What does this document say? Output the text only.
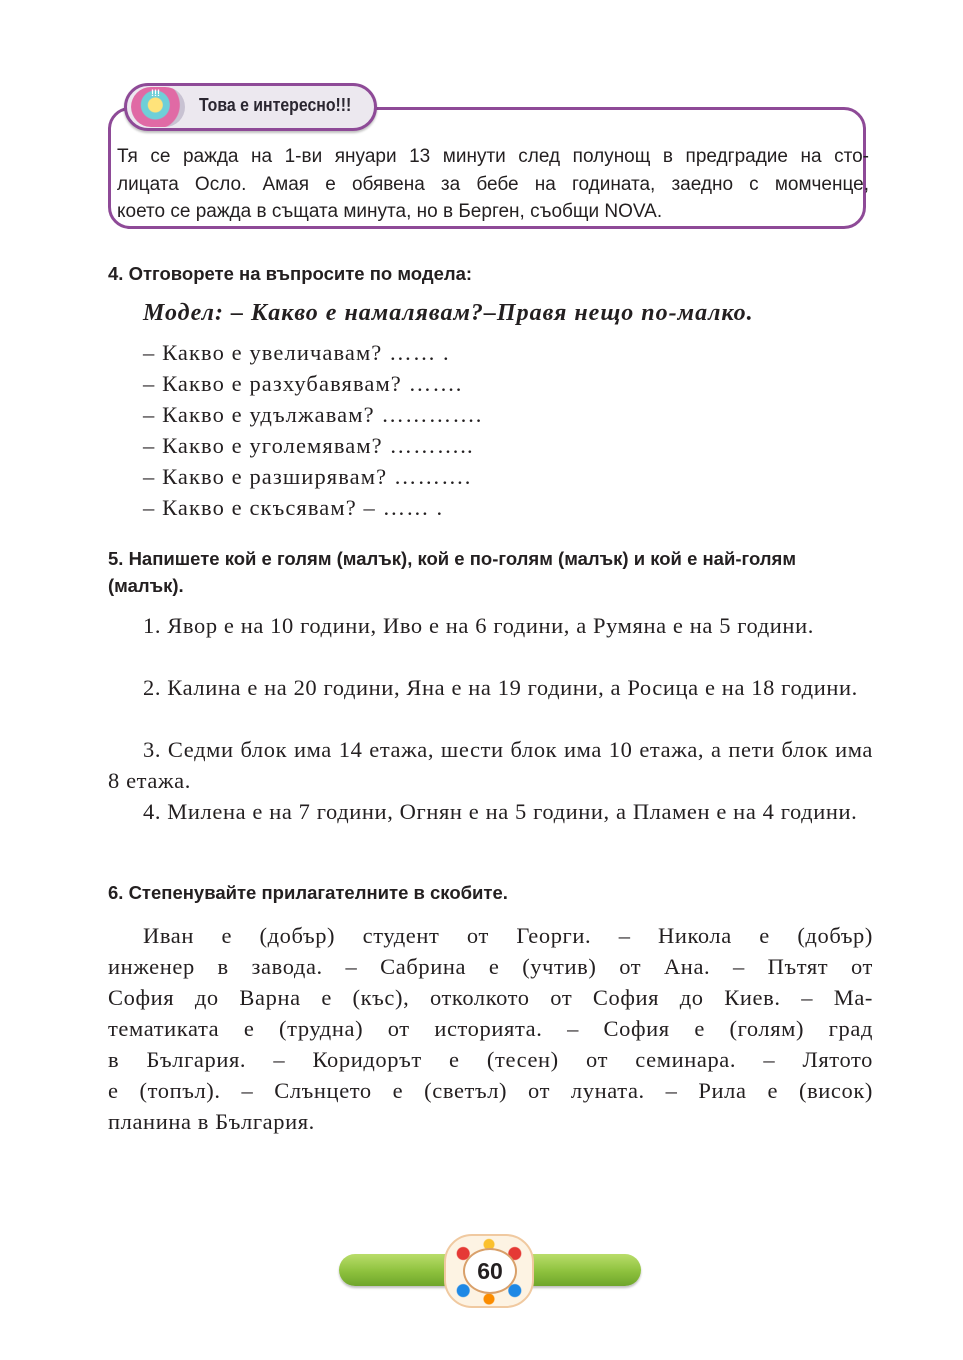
!!!
Това е интересно!!!
Тя се ражда на 1-ви януари 13 минути след полунощ в предградие на сто-
лицата Осло. Амая е обявена за бебе на годината, заедно с момченце,
което се ражда в същата минута, но в Берген, съобщи NOVA.
4. Отговорете на въпросите по модела:
Модел: – Какво е намалявам?–Правя нещо по-малко.
– Какво е увеличавам? …… .
– Какво е разхубавявам? …….
– Какво е удължавам? ………….
– Какво е уголемявам? ………..
– Какво е разширявам? ……….
– Какво е скъсявам? – …… .
5. Напишете кой е голям (малък), кой е по-голям (малък) и кой е най-голям (малък).
1. Явор е на 10 години, Иво е на 6 години, а Румяна е на 5 години.
2. Калина е на 20 години, Яна е на 19 години, а Росица е на 18 години.
3. Седми блок има 14 етажа, шести блок има 10 етажа, а пети блок има 8 етажа.
4. Милена е на 7 години, Огнян е на 5 години, а Пламен е на 4 години.
6. Степенувайте прилагателните в скобите.
Иван е (добър) студент от Георги. – Никола е (добър)
инженер в завода. – Сабрина е (учтив) от Ана. – Пътят от
София до Варна е (къс), отколкото от София до Киев. – Ма-
тематиката е (трудна) от историята. – София е (голям) град
в България. – Коридорът е (тесен) от семинара. – Лятото
е (топъл). – Слънцето е (светъл) от луната. – Рила е (висок)
планина в България.
60
